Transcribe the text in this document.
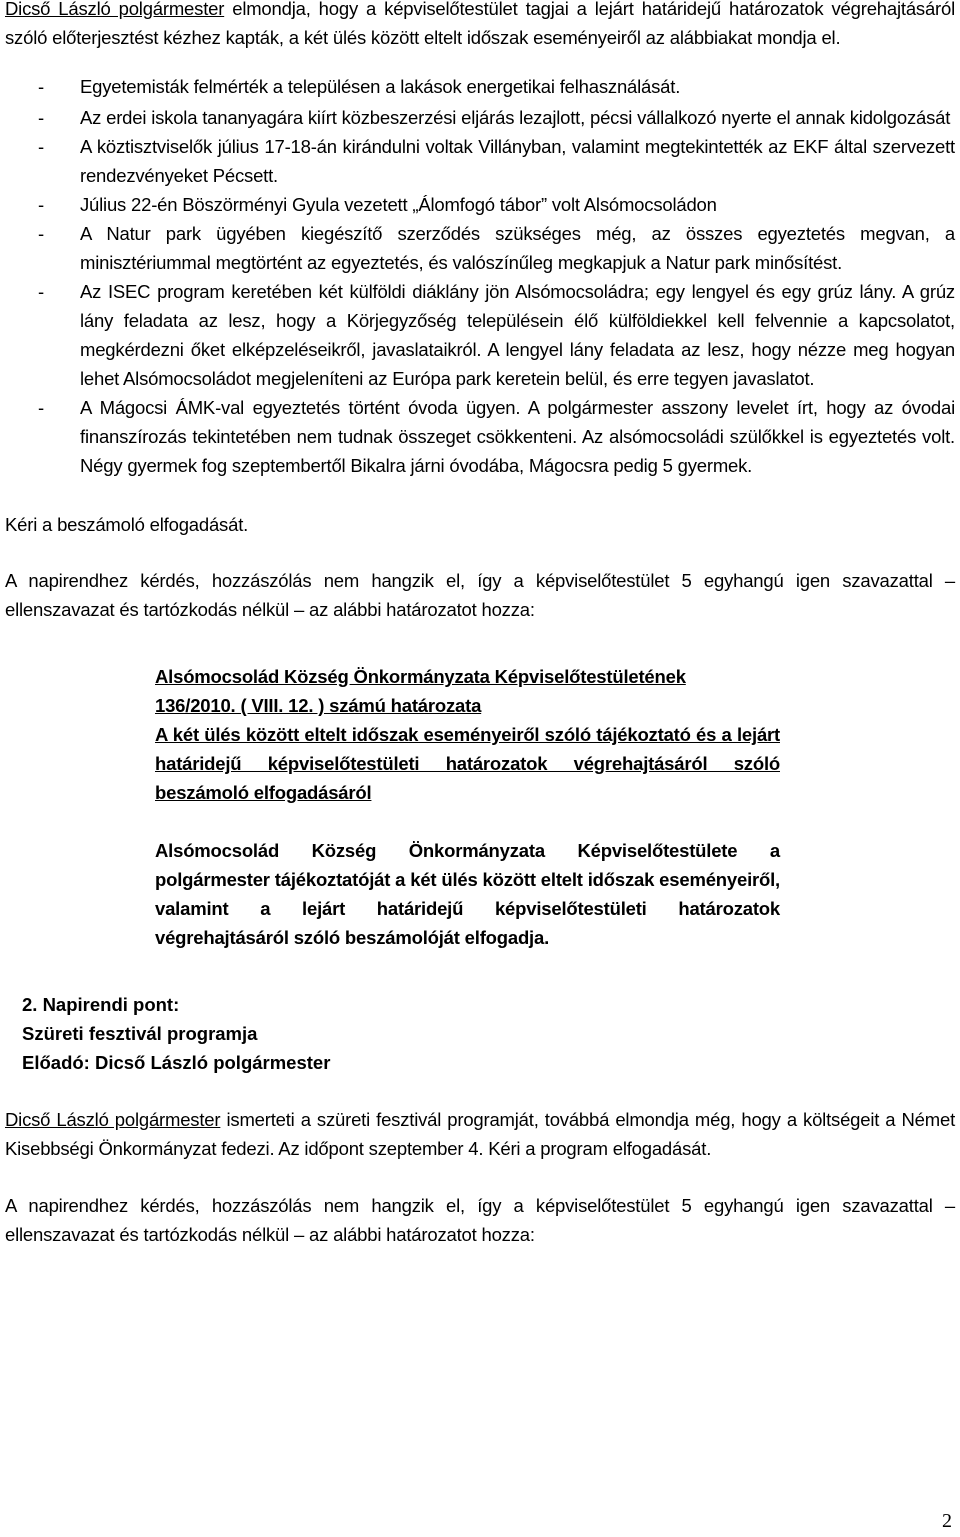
Dicső László polgármester elmondja, hogy a képviselőtestület tagjai a lejárt határidejű határozatok végrehajtásáról szóló előterjesztést kézhez kapták, a két ülés között eltelt időszak eseményeiről az alábbiakat mondja el.

- Egyetemisták felmérték a településen a lakások energetikai felhasználását.
- Az erdei iskola tananyagára kiírt közbeszerzési eljárás lezajlott, pécsi vállalkozó nyerte el annak kidolgozását
- A köztisztviselők július 17-18-án kirándulni voltak Villányban, valamint megtekintették az EKF által szervezett rendezvényeket Pécsett.
- Július 22-én Böszörményi Gyula vezetett „Álomfogó tábor” volt Alsómocsoládon
- A Natur park ügyében kiegészítő szerződés szükséges még, az összes egyeztetés megvan, a minisztériummal megtörtént az egyeztetés, és valószínűleg megkapjuk a Natur park minősítést.
- Az ISEC program keretében két külföldi diáklány jön Alsómocsoládra; egy lengyel és egy grúz lány. A grúz lány feladata az lesz, hogy a Körjegyzőség településein élő külföldiekkel kell felvennie a kapcsolatot, megkérdezni őket elképzeléseikről, javaslataikról. A lengyel lány feladata az lesz, hogy nézze meg hogyan lehet Alsómocsoládot megjeleníteni az Európa park keretein belül, és erre tegyen javaslatot.
- A Mágocsi ÁMK-val egyeztetés történt óvoda ügyen. A polgármester asszony levelet írt, hogy az óvodai finanszírozás tekintetében nem tudnak összeget csökkenteni. Az alsómocsoládi szülőkkel is egyeztetés volt. Négy gyermek fog szeptembertől Bikalra járni óvodába, Mágocsra pedig 5 gyermek.

Kéri a beszámoló elfogadását.

A napirendhez kérdés, hozzászólás nem hangzik el, így a képviselőtestület 5 egyhangú igen szavazattal – ellenszavazat és tartózkodás nélkül – az alábbi határozatot hozza:

Alsómocsolád Község Önkormányzata Képviselőtestületének
136/2010. ( VIII. 12. ) számú határozata
A két ülés között eltelt időszak eseményeiről szóló tájékoztató és a lejárt határidejű képviselőtestületi határozatok végrehajtásáról szóló beszámoló elfogadásáról
Alsómocsolád Község Önkormányzata Képviselőtestülete a polgármester tájékoztatóját a két ülés között eltelt időszak eseményeiről, valamint a lejárt határidejű képviselőtestületi határozatok végrehajtásáról szóló beszámolóját elfogadja.
2. Napirendi pont:
Szüreti fesztivál programja
Előadó: Dicső László polgármester

Dicső László polgármester ismerteti a szüreti fesztivál programját, továbbá elmondja még, hogy a költségeit a Német Kisebbségi Önkormányzat fedezi. Az időpont szeptember 4. Kéri a program elfogadását.

A napirendhez kérdés, hozzászólás nem hangzik el, így a képviselőtestület 5 egyhangú igen szavazattal – ellenszavazat és tartózkodás nélkül – az alábbi határozatot hozza:

2
